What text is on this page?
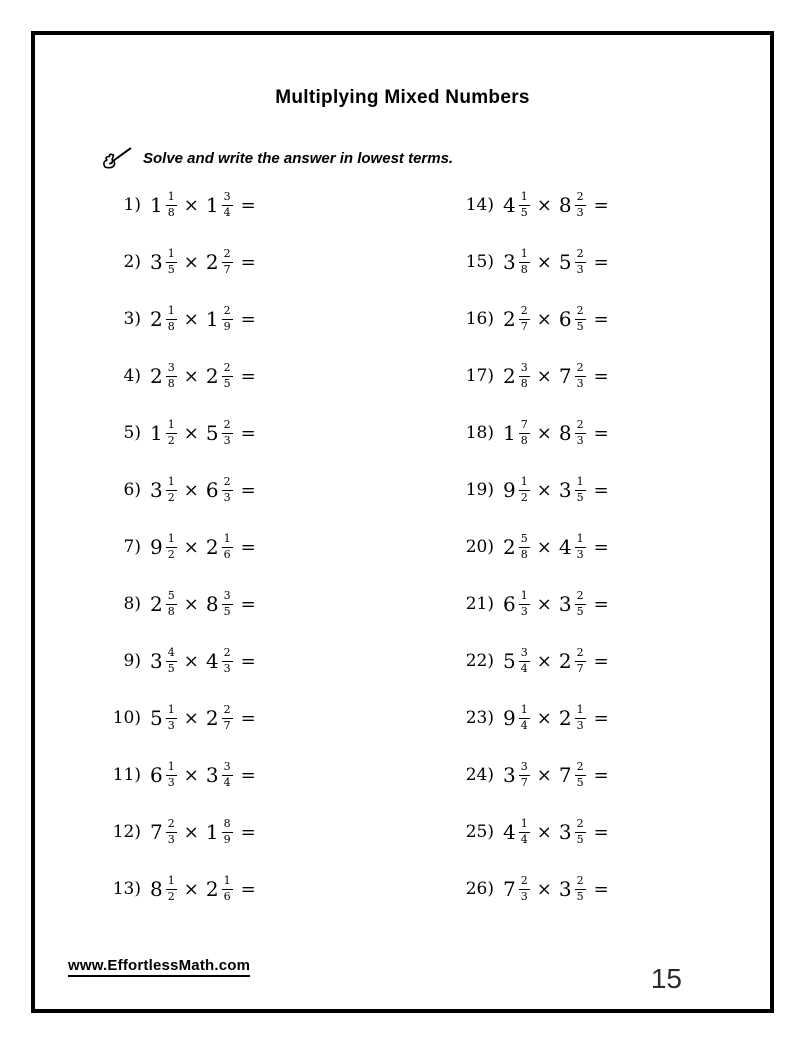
Multiplying Mixed Numbers
Solve and write the answer in lowest terms.
1) $1 \frac{1}{8} \times 1 \frac{3}{4}$ =
2) $3 \frac{1}{5} \times 2 \frac{2}{7}$ =
3) $2 \frac{1}{8} \times 1 \frac{2}{9}$ =
4) $2 \frac{3}{8} \times 2 \frac{2}{5}$ =
5) $1 \frac{1}{2} \times 5 \frac{2}{3}$ =
6) $3 \frac{1}{2} \times 6 \frac{2}{3}$ =
7) $9 \frac{1}{2} \times 2 \frac{1}{6}$ =
8) $2 \frac{5}{8} \times 8 \frac{3}{5}$ =
9) $3 \frac{4}{5} \times 4 \frac{2}{3}$ =
10) $5 \frac{1}{3} \times 2 \frac{2}{7}$ =
11) $6 \frac{1}{3} \times 3 \frac{3}{4}$ =
12) $7 \frac{2}{3} \times 1 \frac{8}{9}$ =
13) $8 \frac{1}{2} \times 2 \frac{1}{6}$ =
14) $4 \frac{1}{5} \times 8 \frac{2}{3}$ =
15) $3 \frac{1}{8} \times 5 \frac{2}{3}$ =
16) $2 \frac{2}{7} \times 6 \frac{2}{5}$ =
17) $2 \frac{3}{8} \times 7 \frac{2}{3}$ =
18) $1 \frac{7}{8} \times 8 \frac{2}{3}$ =
19) $9 \frac{1}{2} \times 3 \frac{1}{5}$ =
20) $2 \frac{5}{8} \times 4 \frac{1}{3}$ =
21) $6 \frac{1}{3} \times 3 \frac{2}{5}$ =
22) $5 \frac{3}{4} \times 2 \frac{2}{7}$ =
23) $9 \frac{1}{4} \times 2 \frac{1}{3}$ =
24) $3 \frac{3}{7} \times 7 \frac{2}{5}$ =
25) $4 \frac{1}{4} \times 3 \frac{2}{5}$ =
26) $7 \frac{2}{3} \times 3 \frac{2}{5}$ =
www.EffortlessMath.com	15
